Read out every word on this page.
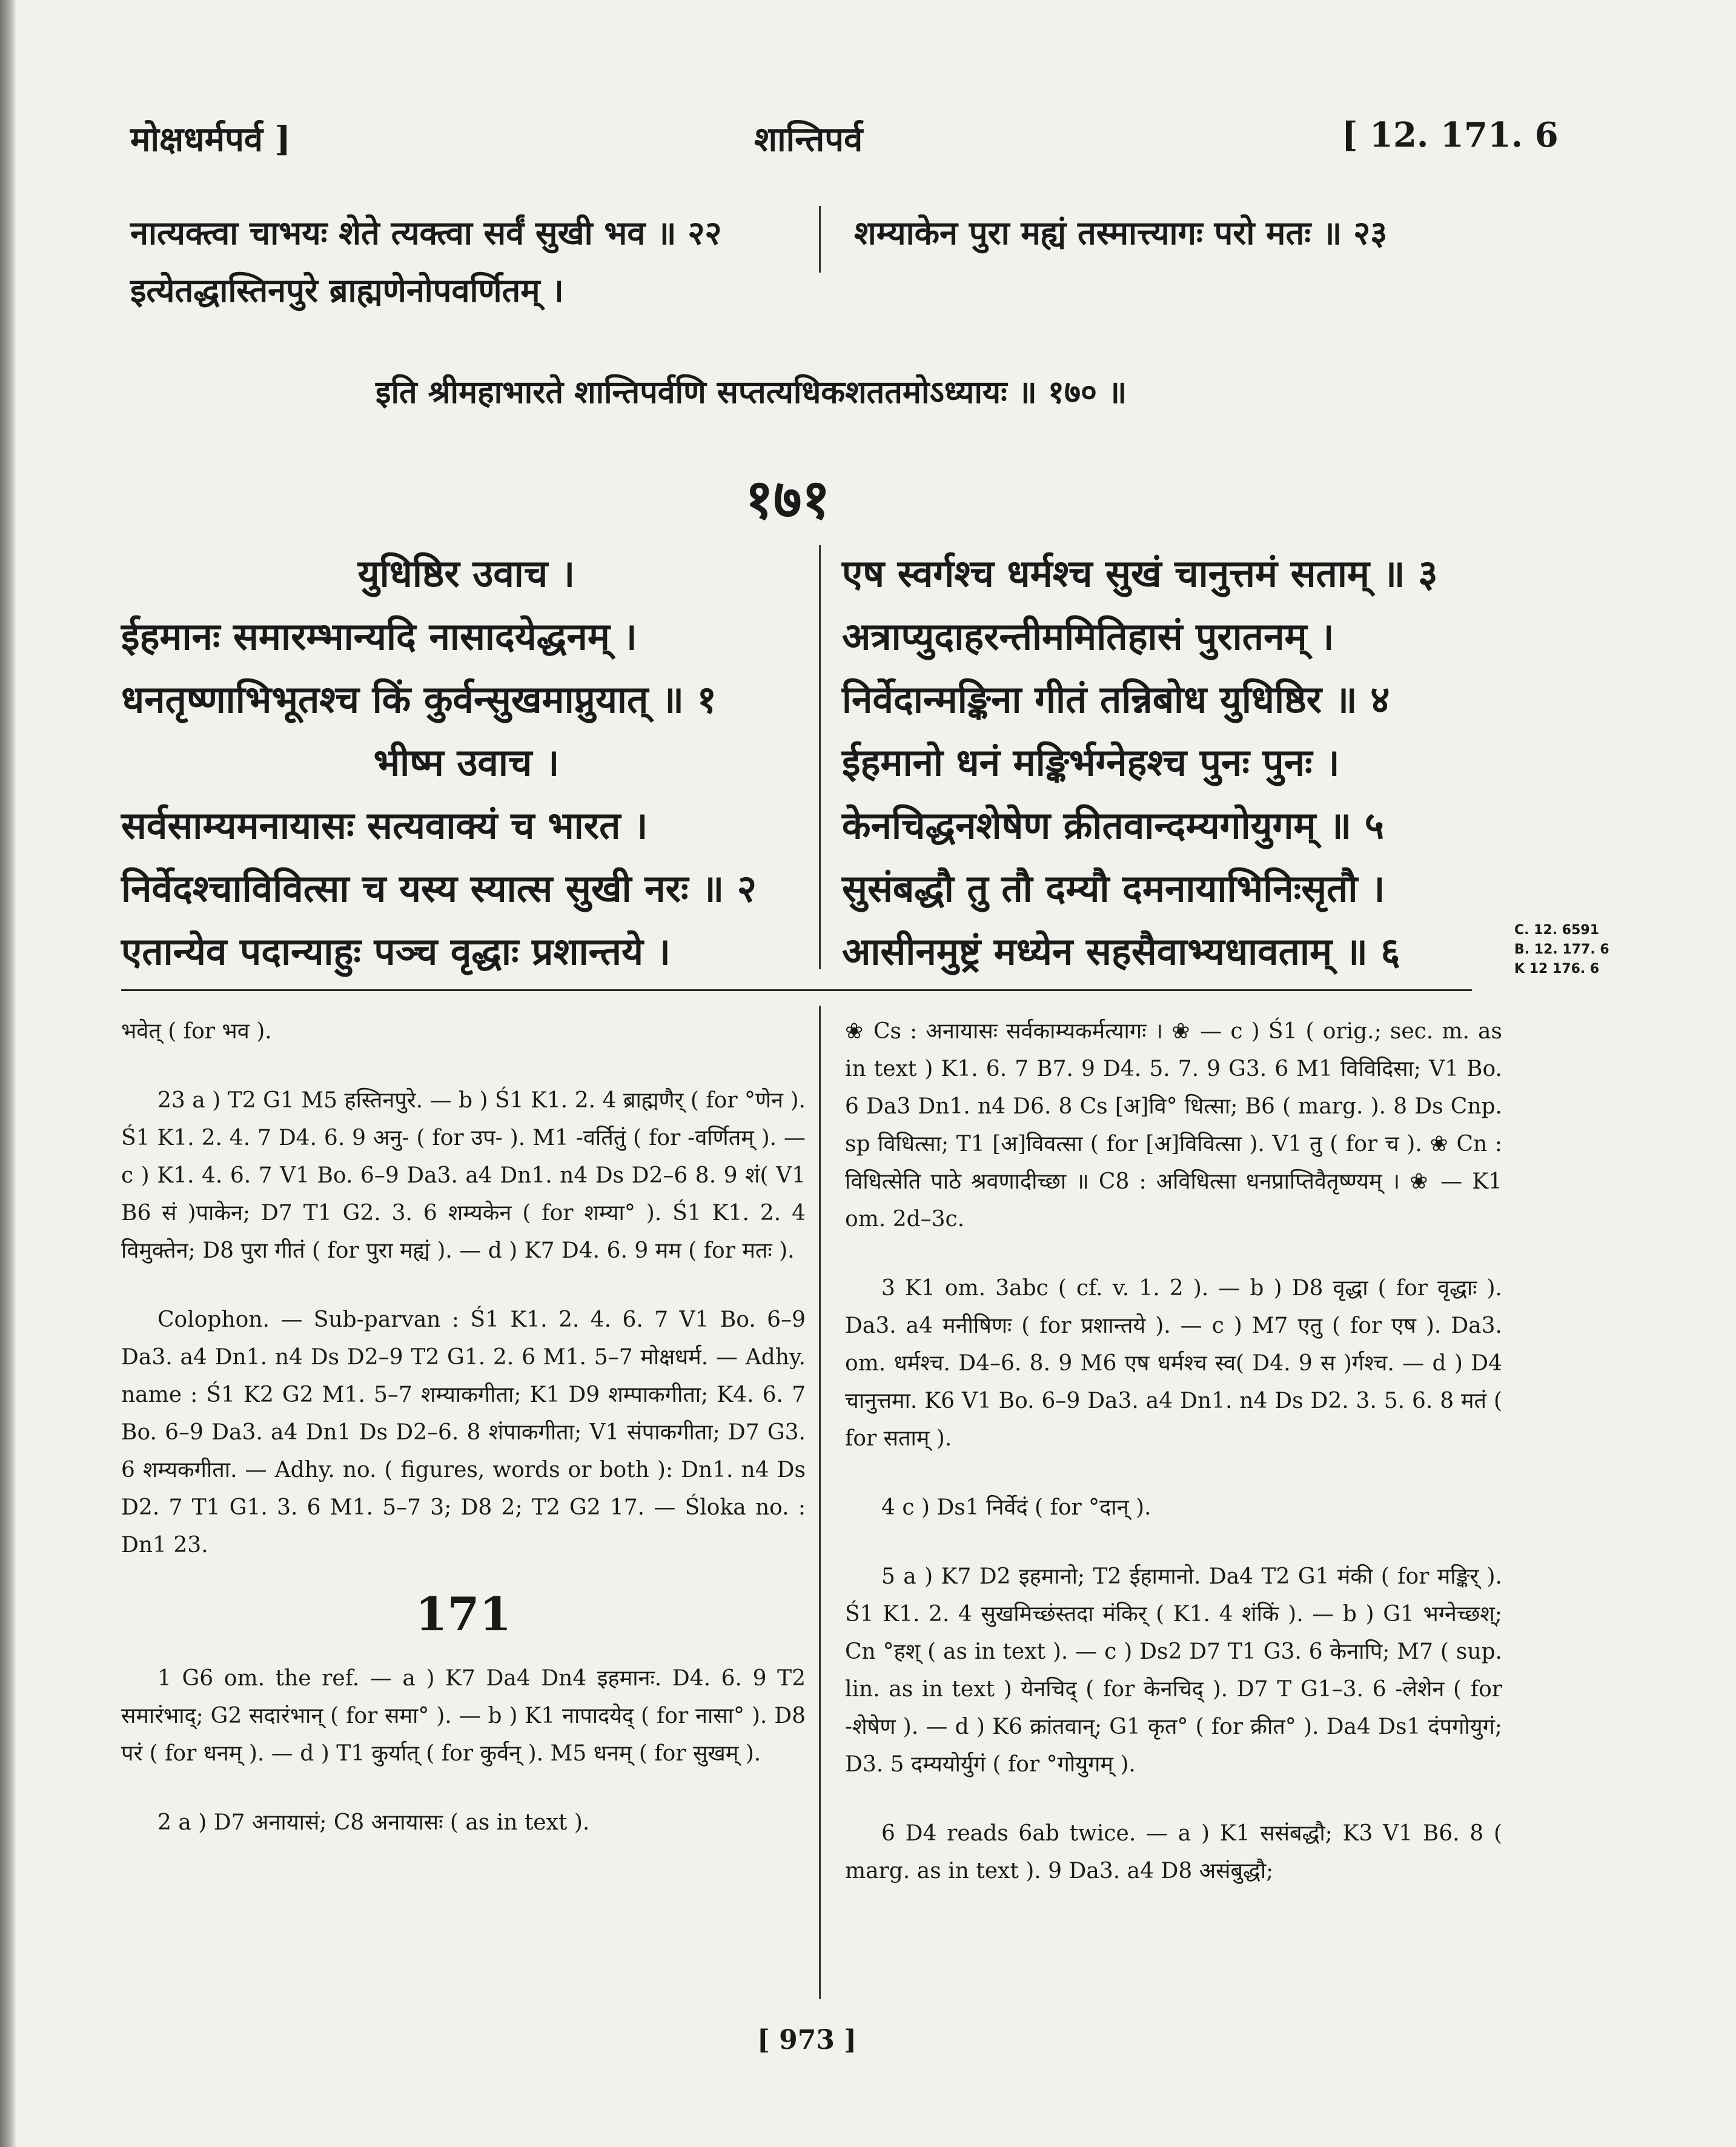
मोक्षधर्मपर्व ]	शान्तिपर्व	[ 12. 171. 6
नात्यक्त्वा चाभयः शेते त्यक्त्वा सर्वं सुखी भव ॥ २२
इत्येतद्धास्तिनपुरे ब्राह्मणेनोपवर्णितम् ।
शम्याकेन पुरा मह्यं तस्मात्त्यागः परो मतः ॥ २३
इति श्रीमहाभारते शान्तिपर्वणि सप्तत्यधिकशततमोऽध्यायः ॥ १७० ॥
१७१
युधिष्ठिर उवाच ।
ईहमानः समारम्भान्यदि नासादयेद्धनम् ।
धनतृष्णाभिभूतश्च किं कुर्वन्सुखमाप्नुयात् ॥ १
भीष्म उवाच ।
सर्वसाम्यमनायासः सत्यवाक्यं च भारत ।
निर्वेदश्चाविवित्सा च यस्य स्यात्स सुखी नरः ॥ २
एतान्येव पदान्याहुः पञ्च वृद्धाः प्रशान्तये ।
एष स्वर्गश्च धर्मश्च सुखं चानुत्तमं सताम् ॥ ३
अत्राप्युदाहरन्तीममितिहासं पुरातनम् ।
निर्वेदान्मङ्किना गीतं तन्निबोध युधिष्ठिर ॥ ४
ईहमानो धनं मङ्किर्भग्नेहश्च पुनः पुनः ।
केनचिद्धनशेषेण क्रीतवान्दम्यगोयुगम् ॥ ५
सुसंबद्धौ तु तौ दम्यौ दमनायाभिनिःसृतौ ।
आसीनमुष्ट्रं मध्येन सहसैवाभ्यधावताम् ॥ ६	C. 12. 6591
B. 12. 177. 6
K 12 176. 6

भवेत् ( for भव ).

23 a ) T2 G1 M5 हस्तिनपुरे. — b ) Ś1 K1. 2. 4 ब्राह्मणैर् ( for °णेन ). Ś1 K1. 2. 4. 7 D4. 6. 9 अनु- ( for उप- ). M1 -वर्तितुं ( for -वर्णितम् ). — c ) K1. 4. 6. 7 V1 Bo. 6–9 Da3. a4 Dn1. n4 Ds D2–6 8. 9 शं( V1 B6 सं )पाकेन; D7 T1 G2. 3. 6 शम्यकेन ( for शम्या° ). Ś1 K1. 2. 4 विमुक्तेन; D8 पुरा गीतं ( for पुरा मह्यं ). — d ) K7 D4. 6. 9 मम ( for मतः ).

Colophon. — Sub-parvan : Ś1 K1. 2. 4. 6. 7 V1 Bo. 6–9 Da3. a4 Dn1. n4 Ds D2–9 T2 G1. 2. 6 M1. 5–7 मोक्षधर्म. — Adhy. name : Ś1 K2 G2 M1. 5–7 शम्याकगीता; K1 D9 शम्पाकगीता; K4. 6. 7 Bo. 6–9 Da3. a4 Dn1 Ds D2–6. 8 शंपाकगीता; V1 संपाकगीता; D7 G3. 6 शम्यकगीता. — Adhy. no. ( figures, words or both ): Dn1. n4 Ds D2. 7 T1 G1. 3. 6 M1. 5–7 3; D8 2; T2 G2 17. — Śloka no. : Dn1 23.

171

1 G6 om. the ref. — a ) K7 Da4 Dn4 इहमानः. D4. 6. 9 T2 समारंभाद्; G2 सदारंभान् ( for समा° ). — b ) K1 नापादयेद् ( for नासा° ). D8 परं ( for धनम् ). — d ) T1 कुर्यात् ( for कुर्वन् ). M5 धनम् ( for सुखम् ).

2 a ) D7 अनायासं; C8 अनायासः ( as in text ).

❀ Cs : अनायासः सर्वकाम्यकर्मत्यागः । ❀ — c ) Ś1 ( orig.; sec. m. as in text ) K1. 6. 7 B7. 9 D4. 5. 7. 9 G3. 6 M1 विविदिसा; V1 Bo. 6 Da3 Dn1. n4 D6. 8 Cs [अ]वि° धित्सा; B6 ( marg. ). 8 Ds Cnp. sp विधित्सा; T1 [अ]विवत्सा ( for [अ]विवित्सा ). V1 तु ( for च ). ❀ Cn : विधित्सेति पाठे श्रवणादीच्छा ॥ C8 : अविधित्सा धनप्राप्तिवैतृष्ण्यम् । ❀ — K1 om. 2d–3c.

3 K1 om. 3abc ( cf. v. 1. 2 ). — b ) D8 वृद्धा ( for वृद्धाः ). Da3. a4 मनीषिणः ( for प्रशान्तये ). — c ) M7 एतु ( for एष ). Da3. om. धर्मश्च. D4–6. 8. 9 M6 एष धर्मश्च स्व( D4. 9 स )र्गश्च. — d ) D4 चानुत्तमा. K6 V1 Bo. 6–9 Da3. a4 Dn1. n4 Ds D2. 3. 5. 6. 8 मतं ( for सताम् ).

4 c ) Ds1 निर्वेदं ( for °दान् ).

5 a ) K7 D2 इहमानो; T2 ईहामानो. Da4 T2 G1 मंकी ( for मङ्किर् ). Ś1 K1. 2. 4 सुखमिच्छंस्तदा मंकिर् ( K1. 4 शंकिं ). — b ) G1 भग्नेच्छश्; Cn °हश् ( as in text ). — c ) Ds2 D7 T1 G3. 6 केनापि; M7 ( sup. lin. as in text ) येनचिद् ( for केनचिद् ). D7 T G1–3. 6 -लेशेन ( for -शेषेण ). — d ) K6 क्रांतवान्; G1 कृत° ( for क्रीत° ). Da4 Ds1 दंपगोयुगं; D3. 5 दम्ययोर्युगं ( for °गोयुगम् ).

6 D4 reads 6ab twice. — a ) K1 ससंबद्धौ; K3 V1 B6. 8 ( marg. as in text ). 9 Da3. a4 D8 असंबुद्धौ;

[ 973 ]
